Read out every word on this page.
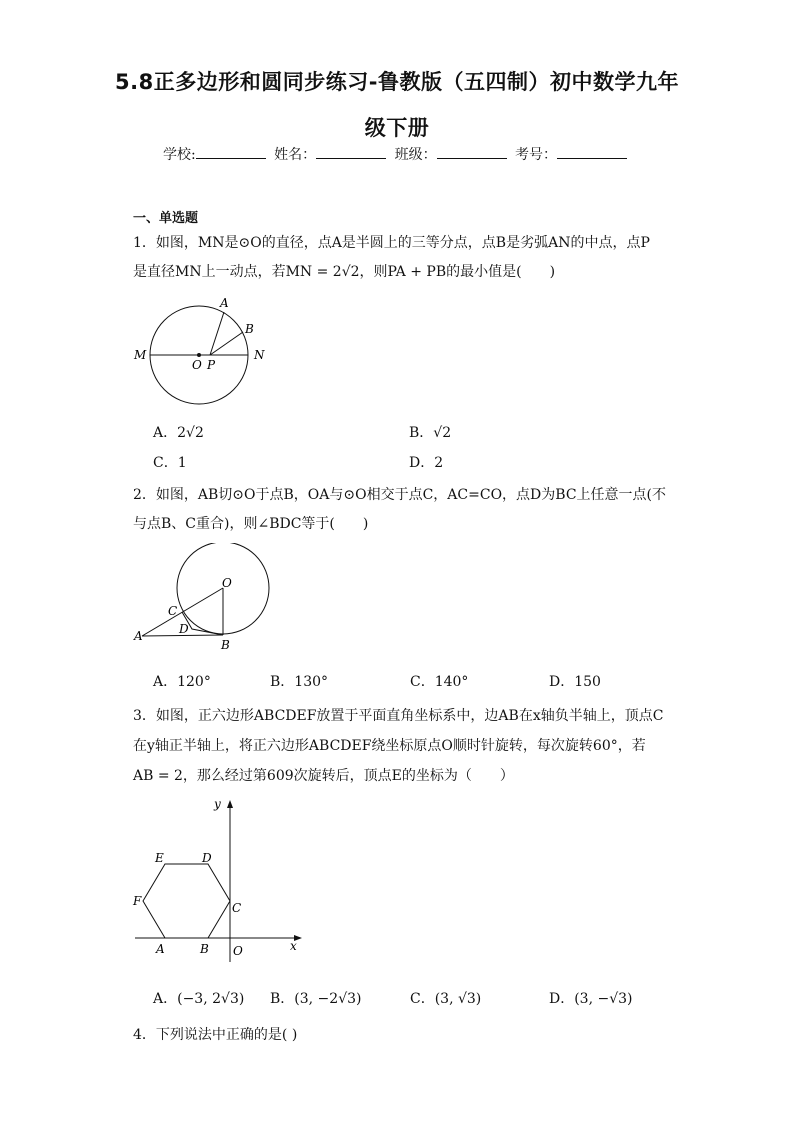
5.8正多边形和圆同步练习-鲁教版（五四制）初中数学九年
级下册
学校:	姓名：	班级：	考号：
一、单选题
1．如图，MN是⊙O的直径，点A是半圆上的三等分点，点B是劣弧AN的中点，点P
是直径MN上一动点，若MN = 2√2，则PA + PB的最小值是(　　)
A
B
M	N
O P
A．2√2	B．√2
C．1	D．2
2．如图，AB切⊙O于点B，OA与⊙O相交于点C，AC=CO，点D为BC上任意一点(不
与点B、C重合)，则∠BDC等于(　　)
O
C
D
A
B
A．120°	B．130°	C．140°	D．150
3．如图，正六边形ABCDEF放置于平面直角坐标系中，边AB在x轴负半轴上，顶点C
在y轴正半轴上，将正六边形ABCDEF绕坐标原点O顺时针旋转，每次旋转60°，若
AB = 2，那么经过第609次旋转后，顶点E的坐标为（　　）
y
x
E	D
F	C
A	B O
A．(−3, 2√3) B．(3, −2√3)	C．(3, √3)	D．(3, −√3)
4．下列说法中正确的是( )
